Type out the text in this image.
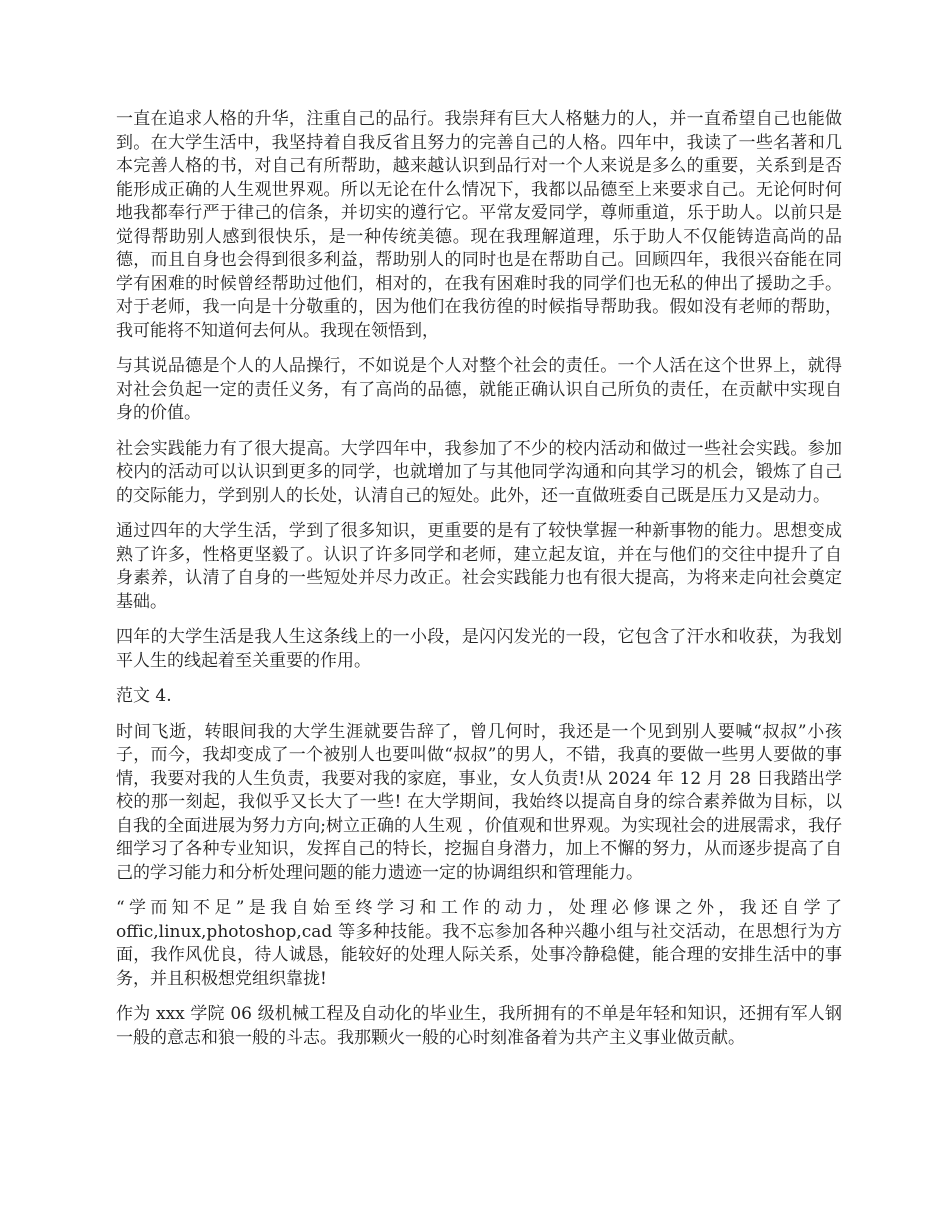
一直在追求人格的升华，注重自己的品行。我崇拜有巨大人格魅力的人，并一直希望自己也能做到。在大学生活中，我坚持着自我反省且努力的完善自己的人格。四年中，我读了一些名著和几本完善人格的书，对自己有所帮助，越来越认识到品行对一个人来说是多么的重要，关系到是否能形成正确的人生观世界观。所以无论在什么情况下，我都以品德至上来要求自己。无论何时何地我都奉行严于律己的信条，并切实的遵行它。平常友爱同学，尊师重道，乐于助人。以前只是觉得帮助别人感到很快乐，是一种传统美德。现在我理解道理，乐于助人不仅能铸造高尚的品德，而且自身也会得到很多利益，帮助别人的同时也是在帮助自己。回顾四年，我很兴奋能在同学有困难的时候曾经帮助过他们，相对的，在我有困难时我的同学们也无私的伸出了援助之手。对于老师，我一向是十分敬重的，因为他们在我彷徨的时候指导帮助我。假如没有老师的帮助，我可能将不知道何去何从。我现在领悟到，

与其说品德是个人的人品操行，不如说是个人对整个社会的责任。一个人活在这个世界上，就得对社会负起一定的责任义务，有了高尚的品德，就能正确认识自己所负的责任，在贡献中实现自身的价值。

社会实践能力有了很大提高。大学四年中，我参加了不少的校内活动和做过一些社会实践。参加校内的活动可以认识到更多的同学，也就增加了与其他同学沟通和向其学习的机会，锻炼了自己的交际能力，学到别人的长处，认清自己的短处。此外，还一直做班委自己既是压力又是动力。

通过四年的大学生活，学到了很多知识，更重要的是有了较快掌握一种新事物的能力。思想变成熟了许多，性格更坚毅了。认识了许多同学和老师，建立起友谊，并在与他们的交往中提升了自身素养，认清了自身的一些短处并尽力改正。社会实践能力也有很大提高，为将来走向社会奠定基础。

四年的大学生活是我人生这条线上的一小段，是闪闪发光的一段，它包含了汗水和收获，为我划平人生的线起着至关重要的作用。

范文 4.

时间飞逝，转眼间我的大学生涯就要告辞了，曾几何时，我还是一个见到别人要喊“叔叔”小孩子，而今，我却变成了一个被别人也要叫做“叔叔”的男人，不错，我真的要做一些男人要做的事情，我要对我的人生负责，我要对我的家庭，事业，女人负责!从 2024 年 12 月 28 日我踏出学校的那一刻起，我似乎又长大了一些! 在大学期间，我始终以提高自身的综合素养做为目标，以自我的全面进展为努力方向;树立正确的人生观 ，价值观和世界观。为实现社会的进展需求，我仔细学习了各种专业知识，发挥自己的特长，挖掘自身潜力，加上不懈的努力，从而逐步提高了自己的学习能力和分析处理问题的能力遗迹一定的协调组织和管理能力。

“学而知不足”是我自始至终学习和工作的动力，处理必修课之外，我还自学了 offic,linux,photoshop,cad 等多种技能。我不忘参加各种兴趣小组与社交活动，在思想行为方面，我作风优良，待人诚恳，能较好的处理人际关系，处事冷静稳健，能合理的安排生活中的事务，并且积极想党组织靠拢!

作为 xxx 学院 06 级机械工程及自动化的毕业生，我所拥有的不单是年轻和知识，还拥有军人钢一般的意志和狼一般的斗志。我那颗火一般的心时刻准备着为共产主义事业做贡献。
